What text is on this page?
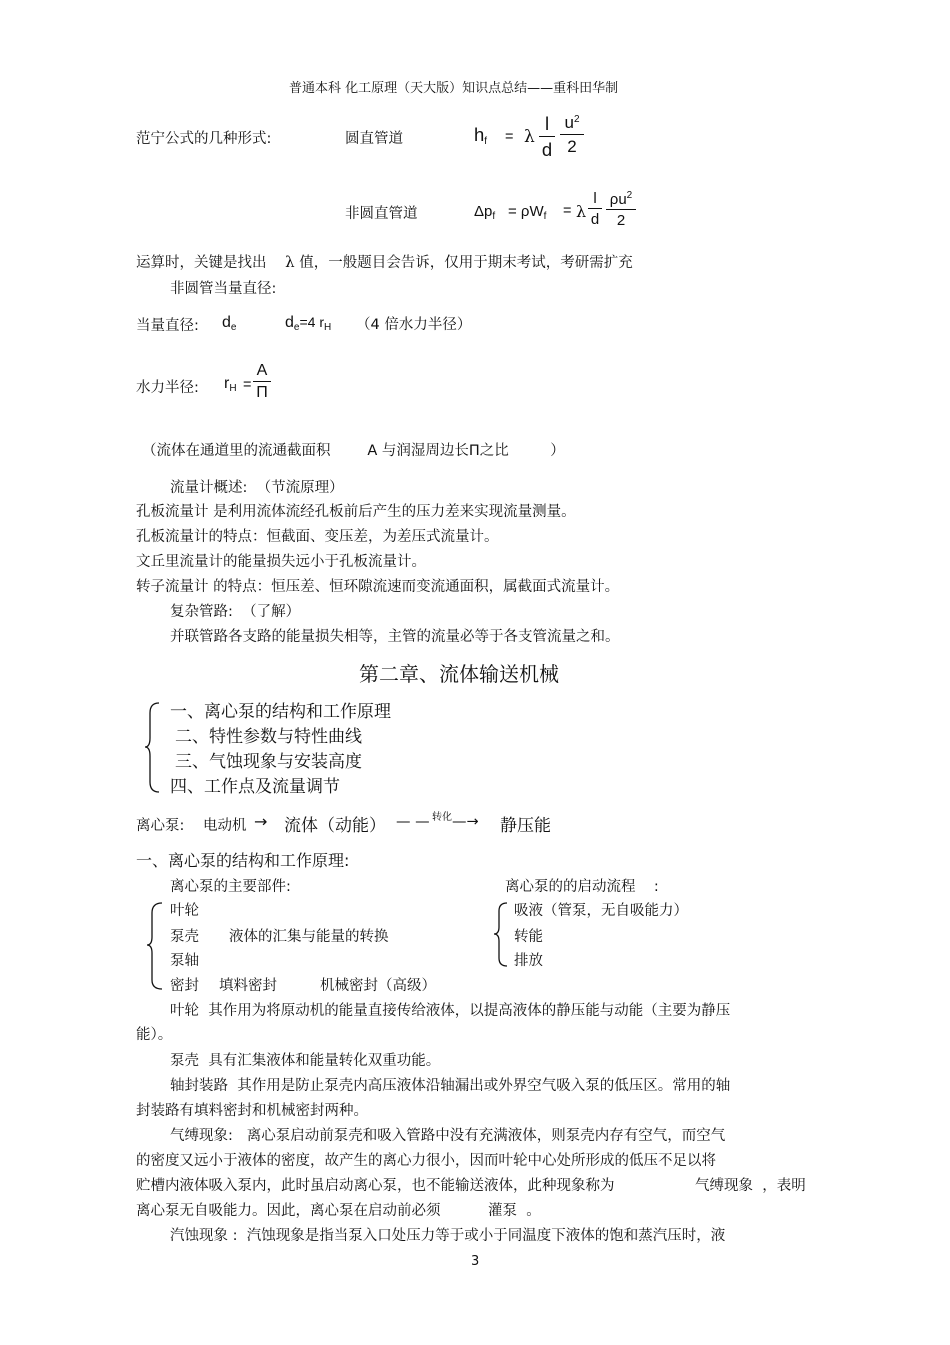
普通本科 化工原理（天大版）知识点总结——重科田华制
范宁公式的几种形式:	圆直管道	$h_f = \lambda$
l
d
$u^2$
2
非圆直管道	$\Delta p_f = \rho W_f = \lambda$
l
d
$\rho u^2$
2
运算时，关键是找出 λ 值，一般题目会告诉，仅用于期末考试，考研需扩充
非圆管当量直径:
当量直径: $d_e$	$d_e=4$ $r_H$ （4 倍水力半径）
水力半径: $r_H$ =
A
Π
（流体在通道里的流通截面积        A 与润湿周边长Π之比         ）
流量计概述:  （节流原理）
孔板流量计 是利用流体流经孔板前后产生的压力差来实现流量测量。
孔板流量计的特点：恒截面、变压差，为差压式流量计。
文丘里流量计的能量损失远小于孔板流量计。
转子流量计 的特点：恒压差、恒环隙流速而变流通面积，属截面式流量计。
复杂管路:  （了解）
并联管路各支路的能量损失相等，主管的流量必等于各支管流量之和。
第二章、流体输送机械
一、离心泵的结构和工作原理
二、特性参数与特性曲线
三、气蚀现象与安装高度
四、工作点及流量调节
离心泵: 电动机 → 流体（动能）	转化
— — —→ 静压能
一、离心泵的结构和工作原理:
离心泵的主要部件:	离心泵的的启动流程    :
叶轮
泵壳 液体的汇集与能量的转换
泵轴
密封 填料密封	机械密封（高级）
吸液（管泵，无自吸能力）
转能
排放
叶轮  其作用为将原动机的能量直接传给液体，以提高液体的静压能与动能（主要为静压
能）。
泵壳  具有汇集液体和能量转化双重功能。
轴封装路  其作用是防止泵壳内高压液体沿轴漏出或外界空气吸入泵的低压区。常用的轴
封装路有填料密封和机械密封两种。
气缚现象:   离心泵启动前泵壳和吸入管路中没有充满液体，则泵壳内存有空气，而空气
的密度又远小于液体的密度，故产生的离心力很小，因而叶轮中心处所形成的低压不足以将
贮槽内液体吸入泵内，此时虽启动离心泵，也不能输送液体，此种现象称为	气缚现象  ，表明
离心泵无自吸能力。因此，离心泵在启动前必须	灌泵  。
汽蚀现象 :  汽蚀现象是指当泵入口处压力等于或小于同温度下液体的饱和蒸汽压时，液
3
